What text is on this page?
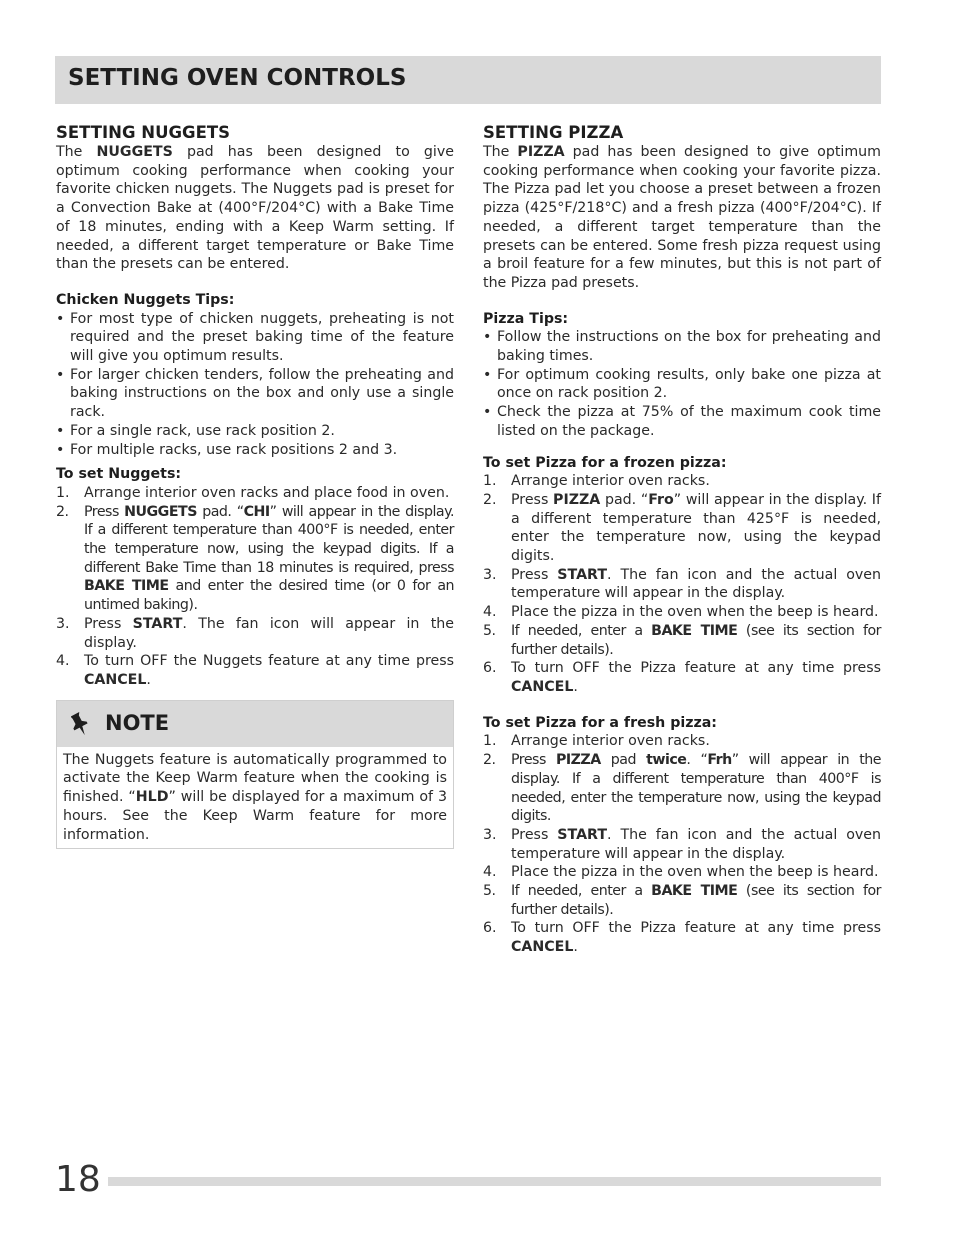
SETTING OVEN CONTROLS
SETTING NUGGETS

The NUGGETS pad has been designed to give optimum cooking performance when cooking your favorite chicken nuggets. The Nuggets pad is preset for a Convection Bake at (400°F/204°C) with a Bake Time of 18 minutes, ending with a Keep Warm setting. If needed, a different target temperature or Bake Time than the presets can be entered.

Chicken Nuggets Tips:
• For most type of chicken nuggets, preheating is not required and the preset baking time of the feature will give you optimum results.
• For larger chicken tenders, follow the preheating and baking instructions on the box and only use a single rack.
• For a single rack, use rack position 2.
• For multiple racks, use rack positions 2 and 3.
To set Nuggets:
1. Arrange interior oven racks and place food in oven.
2. Press NUGGETS pad. “CHI” will appear in the display. If a different temperature than 400°F is needed, enter the temperature now, using the keypad digits. If a different Bake Time than 18 minutes is required, press BAKE TIME and enter the desired time (or 0 for an untimed baking).
3. Press START. The fan icon will appear in the display.
4. To turn OFF the Nuggets feature at any time press CANCEL.
NOTE

The Nuggets feature is automatically programmed to activate the Keep Warm feature when the cooking is finished. “HLD” will be displayed for a maximum of 3 hours. See the Keep Warm feature for more information.

SETTING PIZZA

The PIZZA pad has been designed to give optimum cooking performance when cooking your favorite pizza. The Pizza pad let you choose a preset between a frozen pizza (425°F/218°C) and a fresh pizza (400°F/204°C). If needed, a different target temperature than the presets can be entered. Some fresh pizza request using a broil feature for a few minutes, but this is not part of the Pizza pad presets.

Pizza Tips:
• Follow the instructions on the box for preheating and baking times.
• For optimum cooking results, only bake one pizza at once on rack position 2.
• Check the pizza at 75% of the maximum cook time listed on the package.
To set Pizza for a frozen pizza:
1. Arrange interior oven racks.
2. Press PIZZA pad. “Fro” will appear in the display. If a different temperature than 425°F is needed, enter the temperature now, using the keypad digits.
3. Press START. The fan icon and the actual oven temperature will appear in the display.
4. Place the pizza in the oven when the beep is heard.
5. If needed, enter a BAKE TIME (see its section for further details).
6. To turn OFF the Pizza feature at any time press CANCEL.
To set Pizza for a fresh pizza:
1. Arrange interior oven racks.
2. Press PIZZA pad twice. “Frh” will appear in the display. If a different temperature than 400°F is needed, enter the temperature now, using the keypad digits.
3. Press START. The fan icon and the actual oven temperature will appear in the display.
4. Place the pizza in the oven when the beep is heard.
5. If needed, enter a BAKE TIME (see its section for further details).
6. To turn OFF the Pizza feature at any time press CANCEL.
18
